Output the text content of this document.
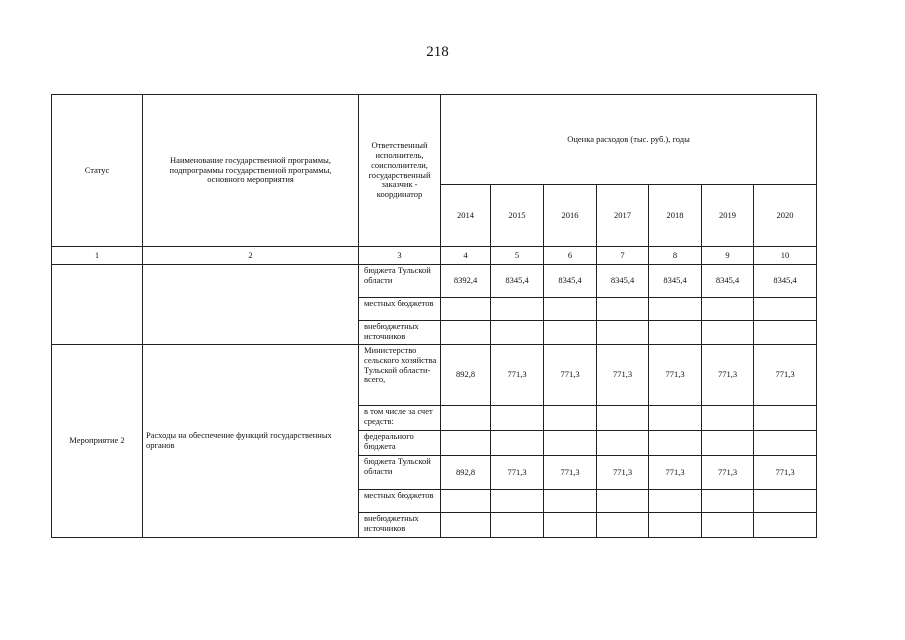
218
Статус	Наименование государственной программы, подпрограммы государственной программы, основного мероприятия	Ответственный исполнитель, соисполнители, государственный заказчик - координатор	Оценка расходов (тыс. руб.), годы						
			2014	2015	2016	2017	2018	2019	2020
1	2	3	4	5	6	7	8	9	10
		бюджета Тульской области	8392,4	8345,4	8345,4	8345,4	8345,4	8345,4	8345,4
		местных бюджетов							
		внебюджетных источников							
Мероприятие 2	Расходы на обеспечение функций государственных органов	Министерство сельского хозяйства Тульской области- всего,	892,8	771,3	771,3	771,3	771,3	771,3	771,3
		в том числе за счет средств:							
		федерального бюджета							
		бюджета Тульской области	892,8	771,3	771,3	771,3	771,3	771,3	771,3
		местных бюджетов							
		внебюджетных источников							
